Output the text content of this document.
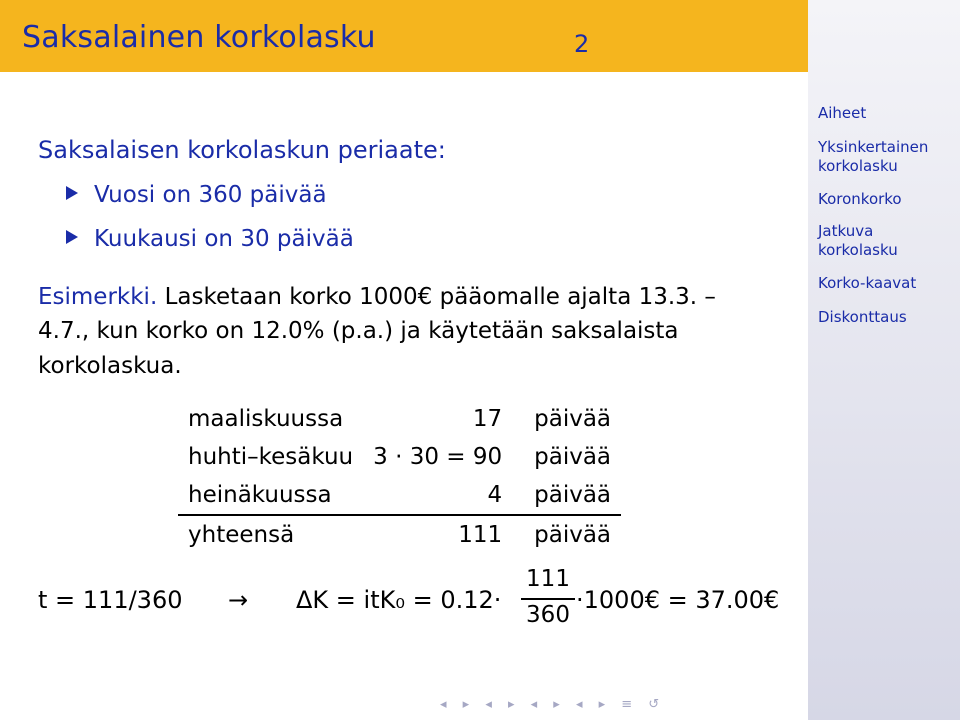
Saksalainen korkolasku	2
Aiheet
Yksinkertainen korkolasku
Koronkorko
Jatkuva korkolasku
Korko-kaavat
Diskonttaus
Saksalaisen korkolaskun periaate:
Vuosi on 360 päivää
Kuukausi on 30 päivää
Esimerkki. Lasketaan korko 1000€ pääomalle ajalta 13.3. –
4.7., kun korko on 12.0% (p.a.) ja käytetään saksalaista
korkolaskua.
maaliskuussa	17	päivää
huhti–kesäkuu	3 · 30 = 90	päivää
heinäkuussa	4	päivää
yhteensä	111	päivää
t = 111/360 → ΔK = itK₀ = 0.12·
111
360
·1000€ = 37.00€
◂ ▸ ◂ ▸ ◂ ▸ ◂ ▸ ≡ ↺
